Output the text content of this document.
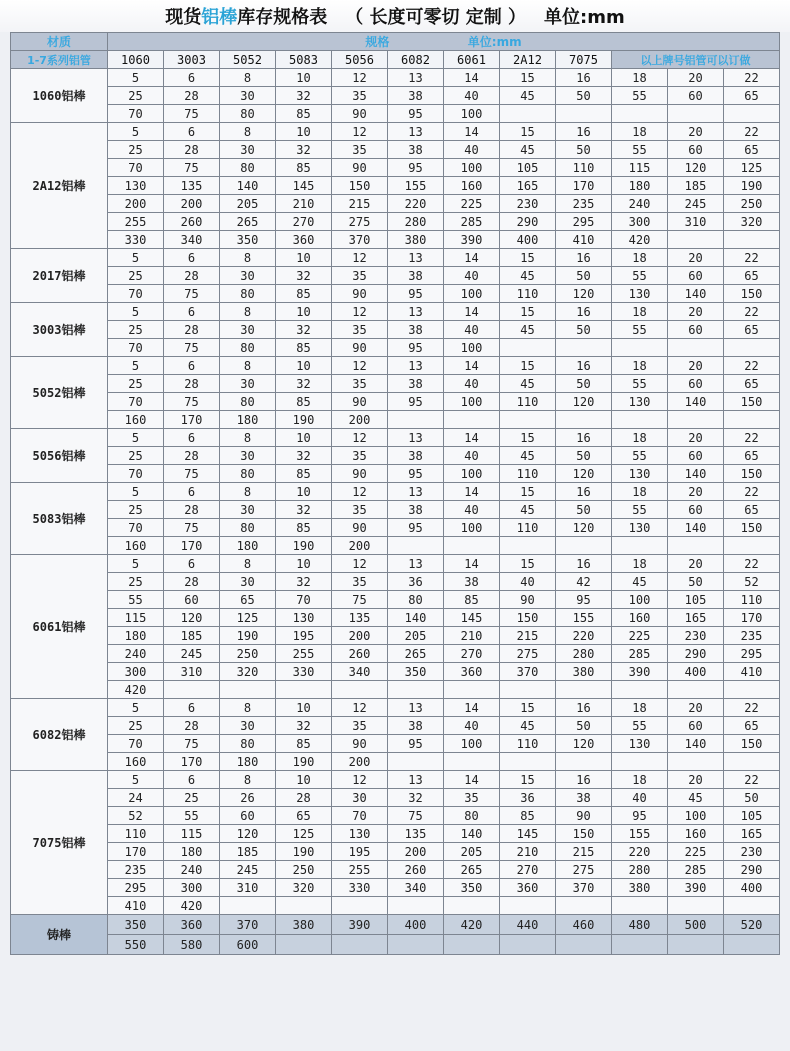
现货铝棒库存规格表 （ 长度可零切 定制 ） 单位:mm
材质	规格 单位:mm											
1-7系列铝管	1060	3003	5052	5083	5056	6082	6061	2A12	7075	以上牌号铝管可以订做		
1060铝棒	5	6	8	10	12	13	14	15	16	18	20	22
	25	28	30	32	35	38	40	45	50	55	60	65
	70	75	80	85	90	95	100					
2A12铝棒	5	6	8	10	12	13	14	15	16	18	20	22
	25	28	30	32	35	38	40	45	50	55	60	65
	70	75	80	85	90	95	100	105	110	115	120	125
	130	135	140	145	150	155	160	165	170	180	185	190
	200	200	205	210	215	220	225	230	235	240	245	250
	255	260	265	270	275	280	285	290	295	300	310	320
	330	340	350	360	370	380	390	400	410	420		
2017铝棒	5	6	8	10	12	13	14	15	16	18	20	22
	25	28	30	32	35	38	40	45	50	55	60	65
	70	75	80	85	90	95	100	110	120	130	140	150
3003铝棒	5	6	8	10	12	13	14	15	16	18	20	22
	25	28	30	32	35	38	40	45	50	55	60	65
	70	75	80	85	90	95	100					
5052铝棒	5	6	8	10	12	13	14	15	16	18	20	22
	25	28	30	32	35	38	40	45	50	55	60	65
	70	75	80	85	90	95	100	110	120	130	140	150
	160	170	180	190	200							
5056铝棒	5	6	8	10	12	13	14	15	16	18	20	22
	25	28	30	32	35	38	40	45	50	55	60	65
	70	75	80	85	90	95	100	110	120	130	140	150
5083铝棒	5	6	8	10	12	13	14	15	16	18	20	22
	25	28	30	32	35	38	40	45	50	55	60	65
	70	75	80	85	90	95	100	110	120	130	140	150
	160	170	180	190	200							
6061铝棒	5	6	8	10	12	13	14	15	16	18	20	22
	25	28	30	32	35	36	38	40	42	45	50	52
	55	60	65	70	75	80	85	90	95	100	105	110
	115	120	125	130	135	140	145	150	155	160	165	170
	180	185	190	195	200	205	210	215	220	225	230	235
	240	245	250	255	260	265	270	275	280	285	290	295
	300	310	320	330	340	350	360	370	380	390	400	410
	420											
6082铝棒	5	6	8	10	12	13	14	15	16	18	20	22
	25	28	30	32	35	38	40	45	50	55	60	65
	70	75	80	85	90	95	100	110	120	130	140	150
	160	170	180	190	200							
7075铝棒	5	6	8	10	12	13	14	15	16	18	20	22
	24	25	26	28	30	32	35	36	38	40	45	50
	52	55	60	65	70	75	80	85	90	95	100	105
	110	115	120	125	130	135	140	145	150	155	160	165
	170	180	185	190	195	200	205	210	215	220	225	230
	235	240	245	250	255	260	265	270	275	280	285	290
	295	300	310	320	330	340	350	360	370	380	390	400
	410	420										
铸棒	350	360	370	380	390	400	420	440	460	480	500	520
	550	580	600									
